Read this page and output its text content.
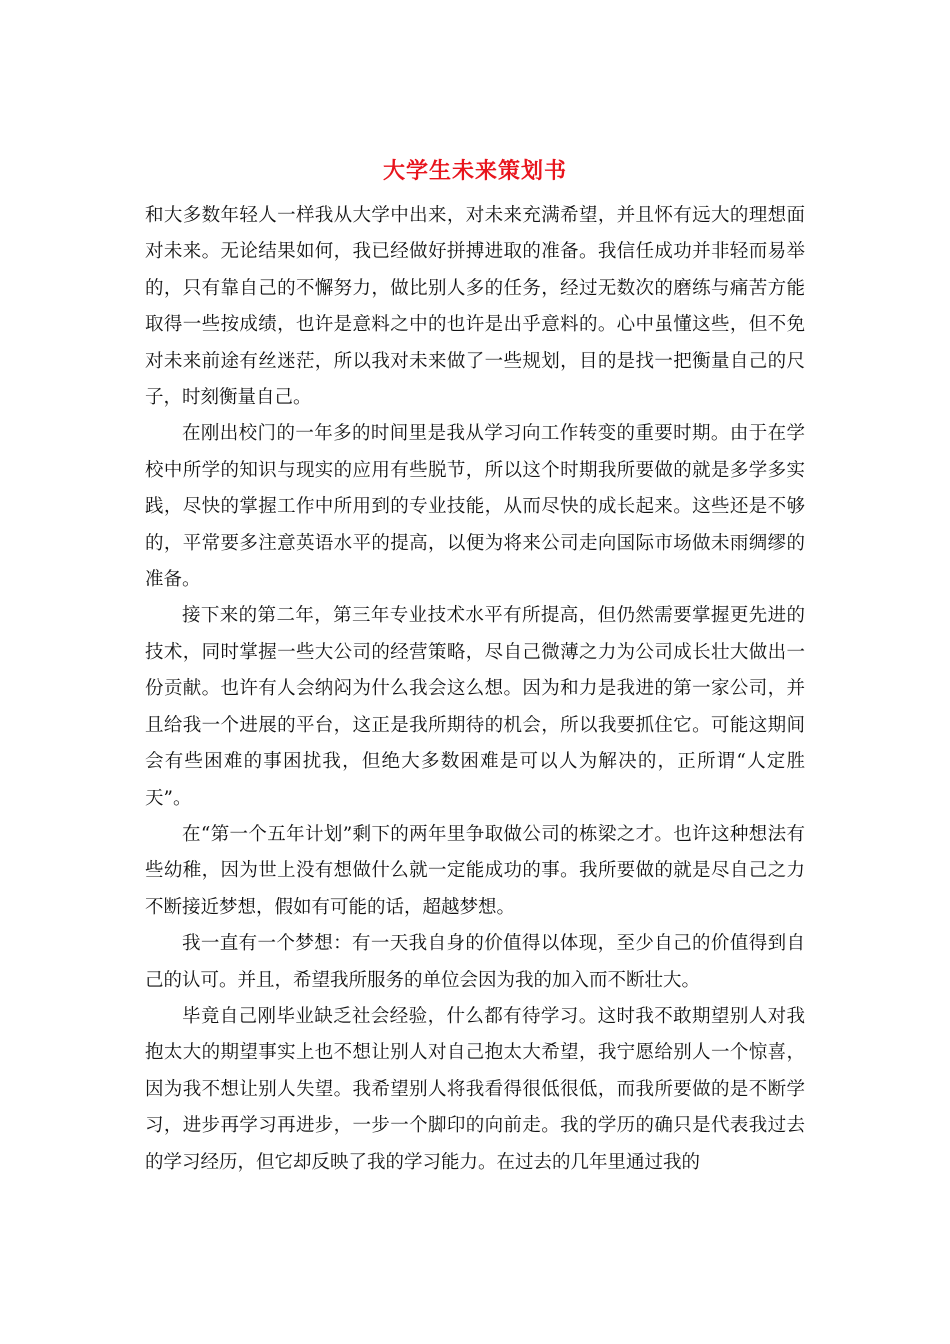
大学生未来策划书

和大多数年轻人一样我从大学中出来，对未来充满希望，并且怀有远大的理想面对未来。无论结果如何，我已经做好拼搏进取的准备。我信任成功并非轻而易举的，只有靠自己的不懈努力，做比别人多的任务，经过无数次的磨练与痛苦方能取得一些按成绩，也许是意料之中的也许是出乎意料的。心中虽懂这些，但不免对未来前途有丝迷茫，所以我对未来做了一些规划，目的是找一把衡量自己的尺子，时刻衡量自己。

在刚出校门的一年多的时间里是我从学习向工作转变的重要时期。由于在学校中所学的知识与现实的应用有些脱节，所以这个时期我所要做的就是多学多实践，尽快的掌握工作中所用到的专业技能，从而尽快的成长起来。这些还是不够的，平常要多注意英语水平的提高，以便为将来公司走向国际市场做未雨绸缪的准备。

接下来的第二年，第三年专业技术水平有所提高，但仍然需要掌握更先进的技术，同时掌握一些大公司的经营策略，尽自己微薄之力为公司成长壮大做出一份贡献。也许有人会纳闷为什么我会这么想。因为和力是我进的第一家公司，并且给我一个进展的平台，这正是我所期待的机会，所以我要抓住它。可能这期间会有些困难的事困扰我，但绝大多数困难是可以人为解决的，正所谓“人定胜天”。

在“第一个五年计划”剩下的两年里争取做公司的栋梁之才。也许这种想法有些幼稚，因为世上没有想做什么就一定能成功的事。我所要做的就是尽自己之力不断接近梦想，假如有可能的话，超越梦想。

我一直有一个梦想：有一天我自身的价值得以体现，至少自己的价值得到自己的认可。并且，希望我所服务的单位会因为我的加入而不断壮大。

毕竟自己刚毕业缺乏社会经验，什么都有待学习。这时我不敢期望别人对我抱太大的期望事实上也不想让别人对自己抱太大希望，我宁愿给别人一个惊喜，因为我不想让别人失望。我希望别人将我看得很低很低，而我所要做的是不断学习，进步再学习再进步，一步一个脚印的向前走。我的学历的确只是代表我过去的学习经历，但它却反映了我的学习能力。在过去的几年里通过我的
